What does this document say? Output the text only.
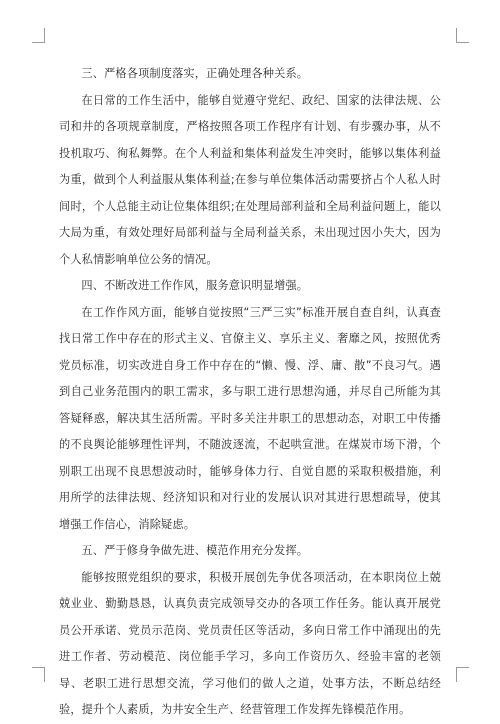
三、严格各项制度落实，正确处理各种关系。

在日常的工作生活中，能够自觉遵守党纪、政纪、国家的法律法规、公司和井的各项规章制度，严格按照各项工作程序有计划、有步骤办事，从不投机取巧、徇私舞弊。在个人利益和集体利益发生冲突时，能够以集体利益为重，做到个人利益服从集体利益;在参与单位集体活动需要挤占个人私人时间时，个人总能主动让位集体组织;在处理局部利益和全局利益问题上，能以大局为重，有效处理好局部利益与全局利益关系，未出现过因小失大，因为个人私情影响单位公务的情况。

四、不断改进工作作风，服务意识明显增强。

在工作作风方面，能够自觉按照“三严三实”标准开展自查自纠，认真查找日常工作中存在的形式主义、官僚主义、享乐主义、奢靡之风，按照优秀党员标准，切实改进自身工作中存在的“懒、慢、浮、庸、散”不良习气。遇到自己业务范围内的职工需求，多与职工进行思想沟通，并尽自己所能为其答疑释惑，解决其生活所需。平时多关注井职工的思想动态，对职工中传播的不良舆论能够理性评判，不随波逐流，不起哄宣泄。在煤炭市场下滑，个别职工出现不良思想波动时，能够身体力行、自觉自愿的采取积极措施，利用所学的法律法规、经济知识和对行业的发展认识对其进行思想疏导，使其增强工作信心，消除疑虑。

五、严于修身争做先进、模范作用充分发挥。

能够按照党组织的要求，积极开展创先争优各项活动，在本职岗位上兢兢业业、勤勤恳恳，认真负责完成领导交办的各项工作任务。能认真开展党员公开承诺、党员示范岗、党员责任区等活动，多向日常工作中涌现出的先进工作者、劳动模范、岗位能手学习，多向工作资历久、经验丰富的老领导、老职工进行思想交流，学习他们的做人之道，处事方法，不断总结经验，提升个人素质，为井安全生产、经营管理工作发挥先锋模范作用。
